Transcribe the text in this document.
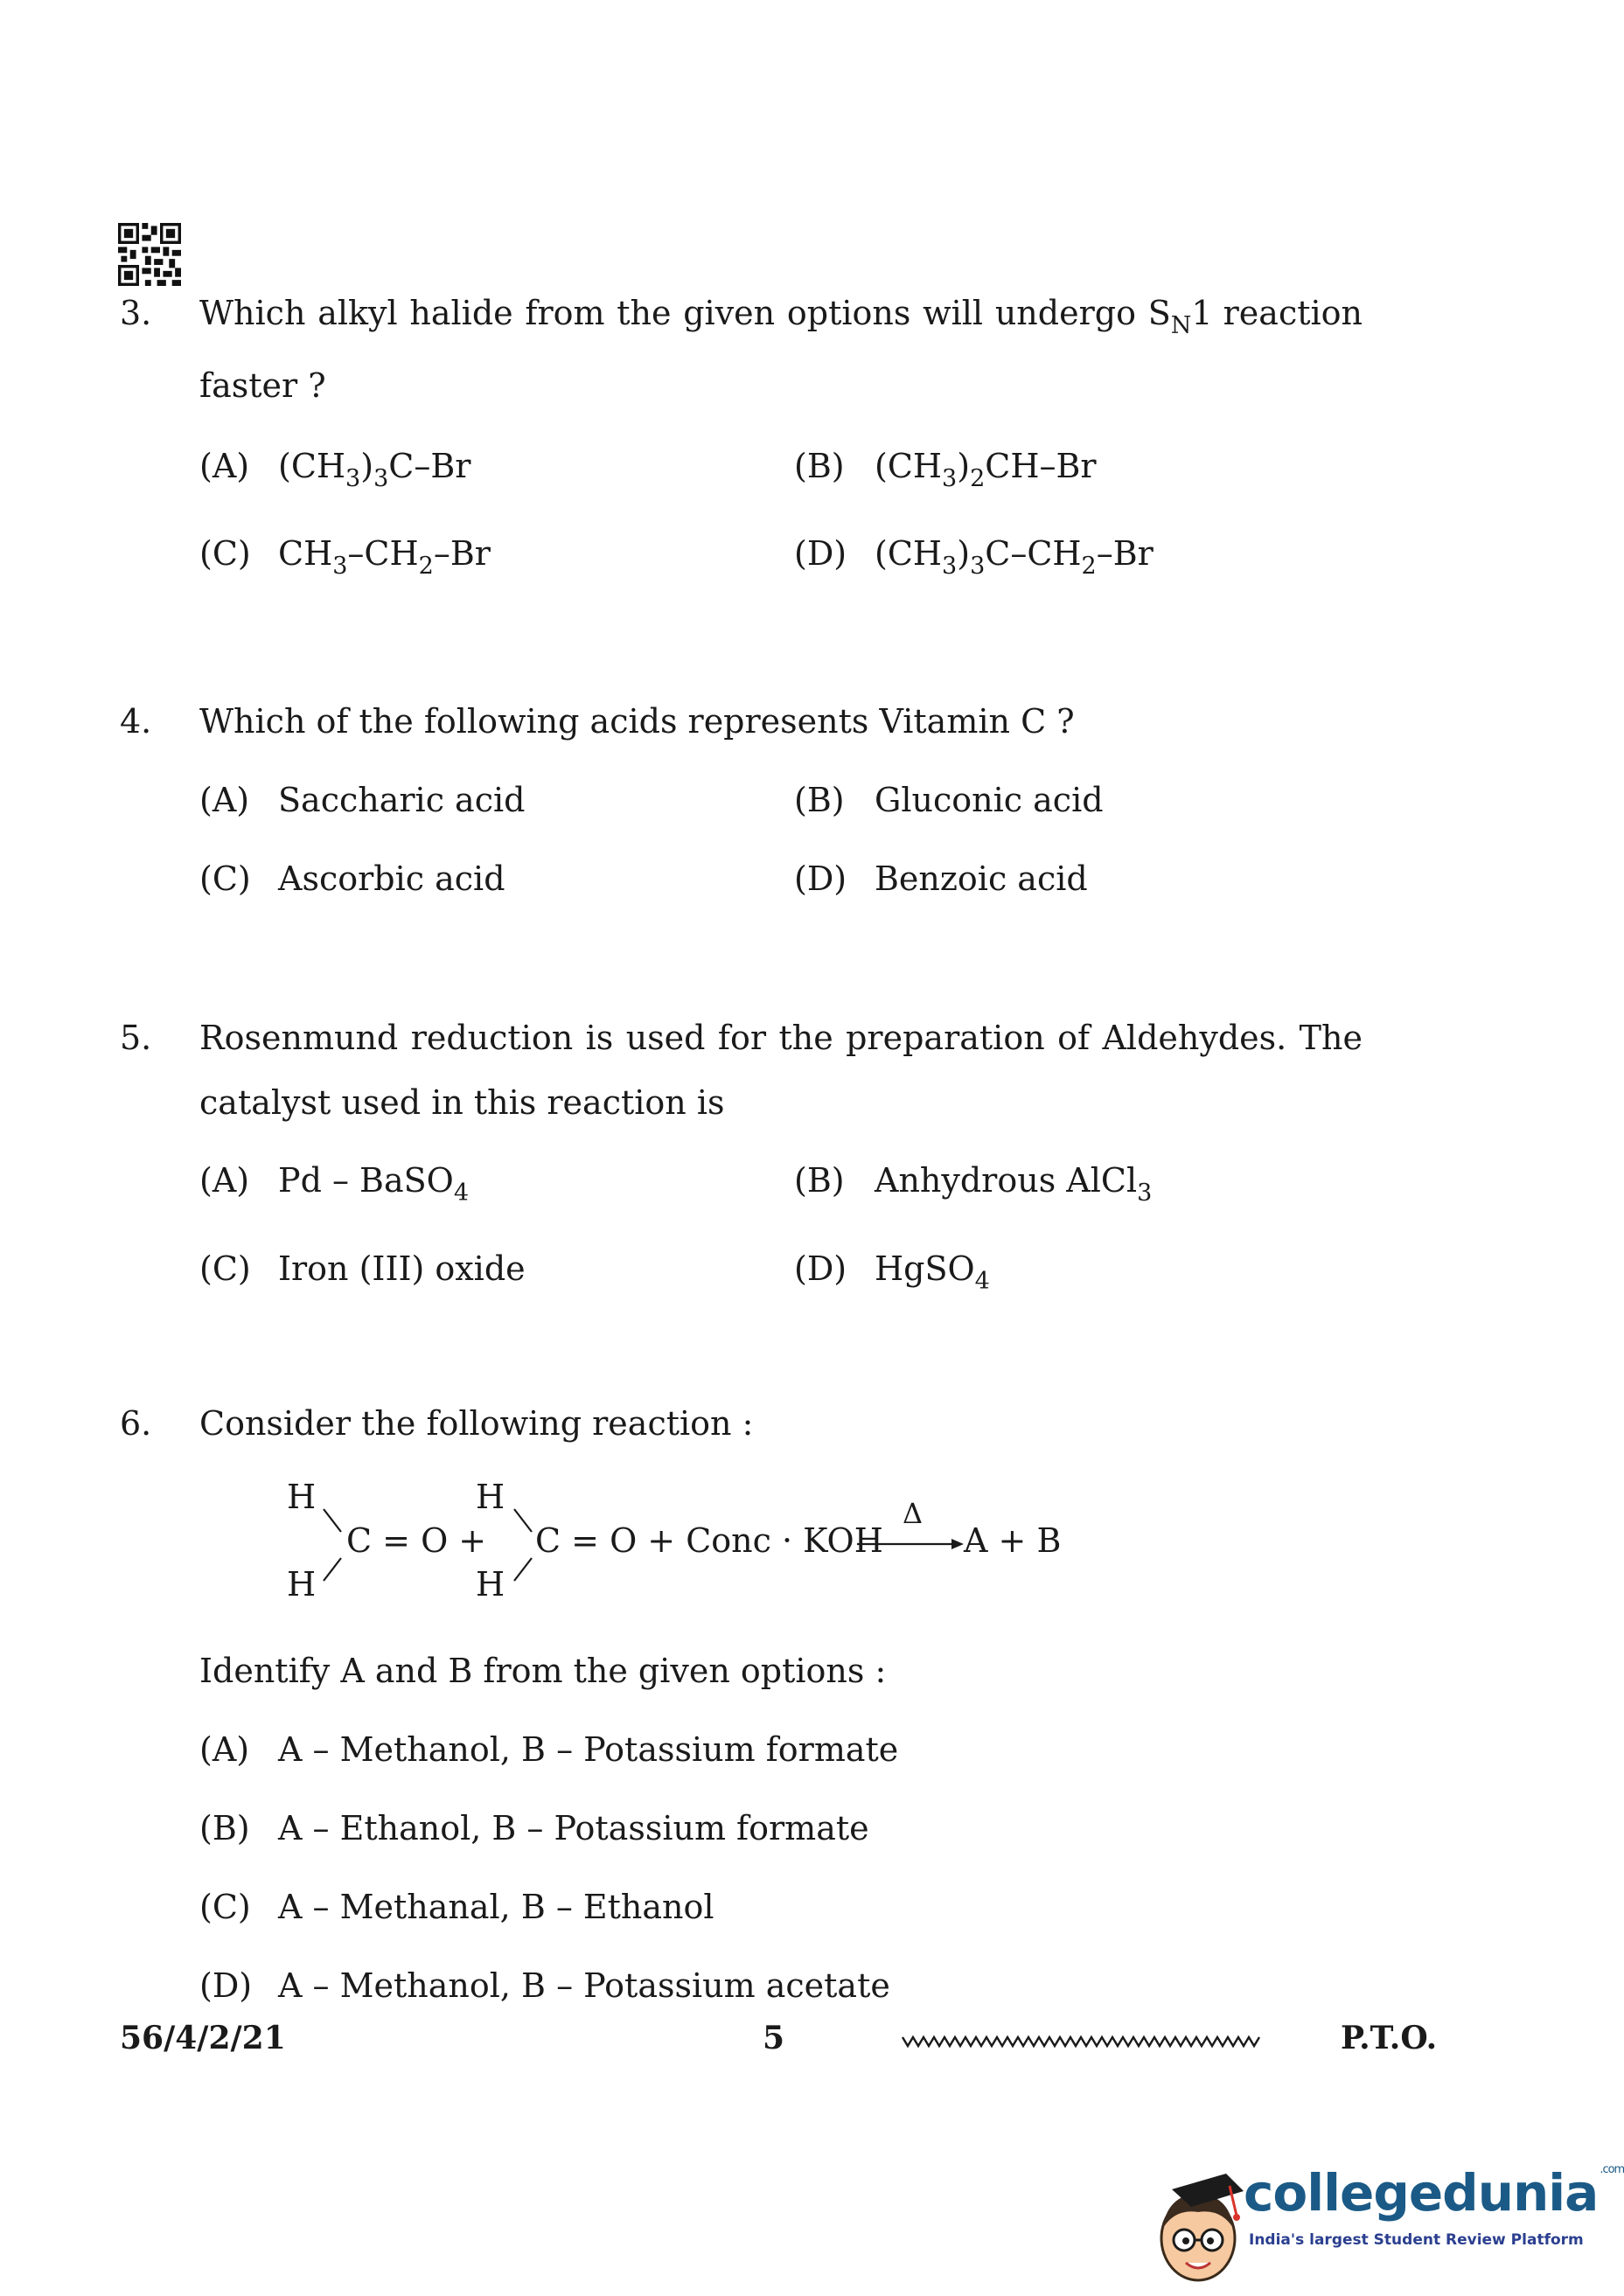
3. Which alkyl halide from the given options will undergo $S_N1$ reaction
faster ?
(A) $(CH_3)_3C-Br$	(B) $(CH_3)_2CH-Br$
(C) $CH_3-CH_2-Br$	(D) $(CH_3)_3C-CH_2-Br$
4. Which of the following acids represents Vitamin C ?
(A) Saccharic acid	(B) Gluconic acid
(C) Ascorbic acid	(D) Benzoic acid
5. Rosenmund reduction is used for the preparation of Aldehydes. The
catalyst used in this reaction is
(A) Pd – BaSO$_4$	(B) Anhydrous AlCl$_3$
(C) Iron (III) oxide	(D) HgSO$_4$
6. Consider the following reaction :
H
H
C = O +
H
H
C = O + Conc · KOH
Δ
A + B
Identify A and B from the given options :
(A) A – Methanol, B – Potassium formate
(B) A – Ethanol, B – Potassium formate
(C) A – Methanal, B – Ethanol
(D) A – Methanol, B – Potassium acetate
56/4/2/21	5	P.T.O.
collegedunia $^{.com}$
India's largest Student Review Platform
